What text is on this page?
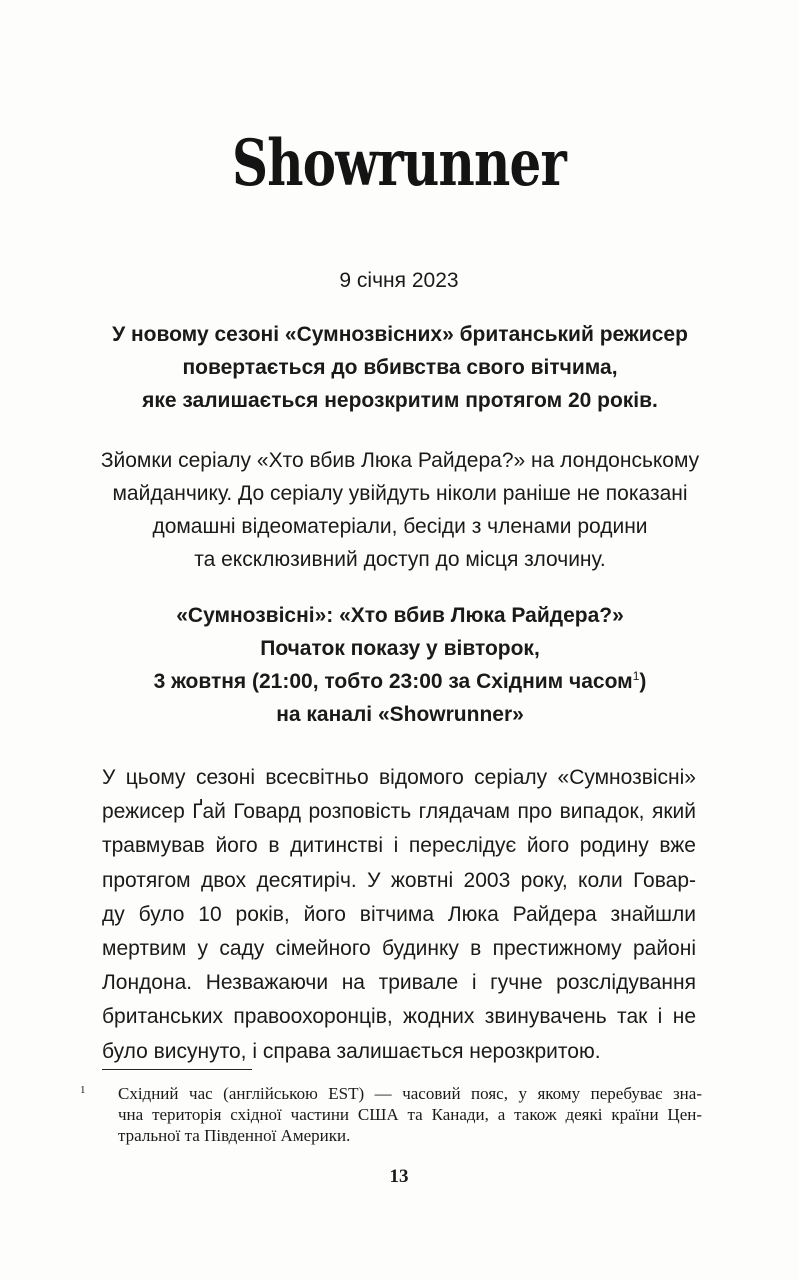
Showrunner
9 січня 2023
У новому сезоні «Сумнозвісних» британський режисер
повертається до вбивства свого вітчима,
яке залишається нерозкритим протягом 20 років.
Зйомки серіалу «Хто вбив Люка Райдера?» на лондонському
майданчику. До серіалу увійдуть ніколи раніше не показані
домашні відеоматеріали, бесіди з членами родини
та ексклюзивний доступ до місця злочину.
«Сумнозвісні»: «Хто вбив Люка Райдера?»
Початок показу у вівторок,
3 жовтня (21:00, тобто 23:00 за Східним часом$^1$)
на каналі «Showrunner»
У цьому сезоні всесвітньо відомого серіалу «Сумнозвісні»
режисер Ґай Говард розповість глядачам про випадок, який
травмував його в дитинстві і переслідує його родину вже
протягом двох десятиріч. У жовтні 2003 року, коли Говар-
ду було 10 років, його вітчима Люка Райдера знайшли
мертвим у саду сімейного будинку в престижному районі
Лондона. Незважаючи на тривале і гучне розслідування
британських правоохоронців, жодних звинувачень так і не
було висунуто, і справа залишається нерозкритою.
1 Східний час (англійською EST) — часовий пояс, у якому перебуває зна-
чна територія східної частини США та Канади, а також деякі країни Цен-
тральної та Південної Америки.
13
